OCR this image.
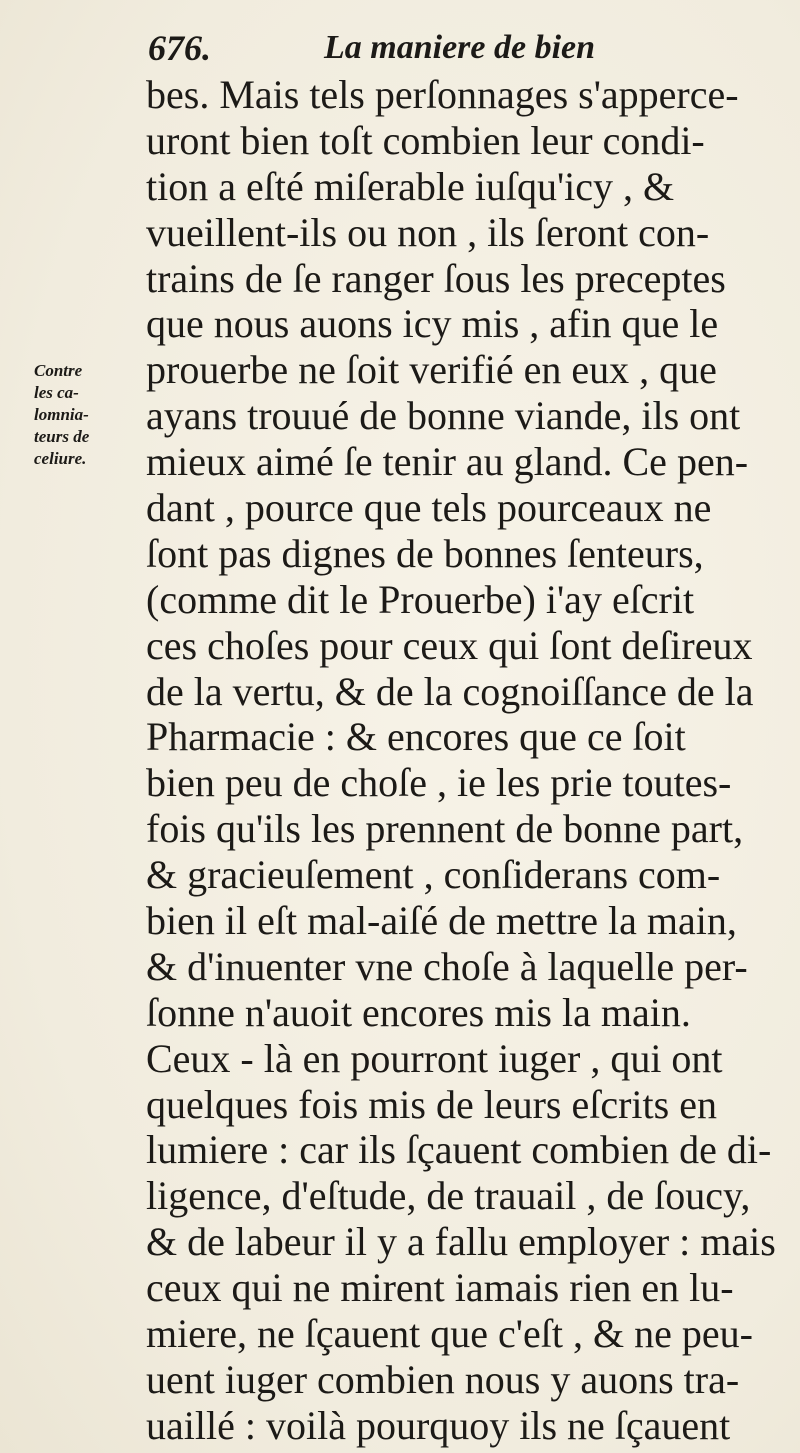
676.	La maniere de bien
Contre
les ca-
lomnia-
teurs de
celiure.
bes. Mais tels perſonnages s'apperce-
uront bien toſt combien leur condi-
tion a eſté miſerable iuſqu'icy , &
vueillent-ils ou non , ils ſeront con-
trains de ſe ranger ſous les preceptes
que nous auons icy mis , afin que le
prouerbe ne ſoit verifié en eux , que
ayans trouué de bonne viande, ils ont
mieux aimé ſe tenir au gland. Ce pen-
dant , pource que tels pourceaux ne
ſont pas dignes de bonnes ſenteurs,
(comme dit le Prouerbe) i'ay eſcrit
ces choſes pour ceux qui ſont deſireux
de la vertu, & de la cognoiſſance de la
Pharmacie : & encores que ce ſoit
bien peu de choſe , ie les prie toutes-
fois qu'ils les prennent de bonne part,
& gracieuſement , conſiderans com-
bien il eſt mal-aiſé de mettre la main,
& d'inuenter vne choſe à laquelle per-
ſonne n'auoit encores mis la main.
Ceux - là en pourront iuger , qui ont
quelques fois mis de leurs eſcrits en
lumiere : car ils ſçauent combien de di-
ligence, d'eſtude, de trauail , de ſoucy,
& de labeur il y a fallu employer : mais
ceux qui ne mirent iamais rien en lu-
miere, ne ſçauent que c'eſt , & ne peu-
uent iuger combien nous y auons tra-
uaillé : voilà pourquoy ils ne ſçauent
